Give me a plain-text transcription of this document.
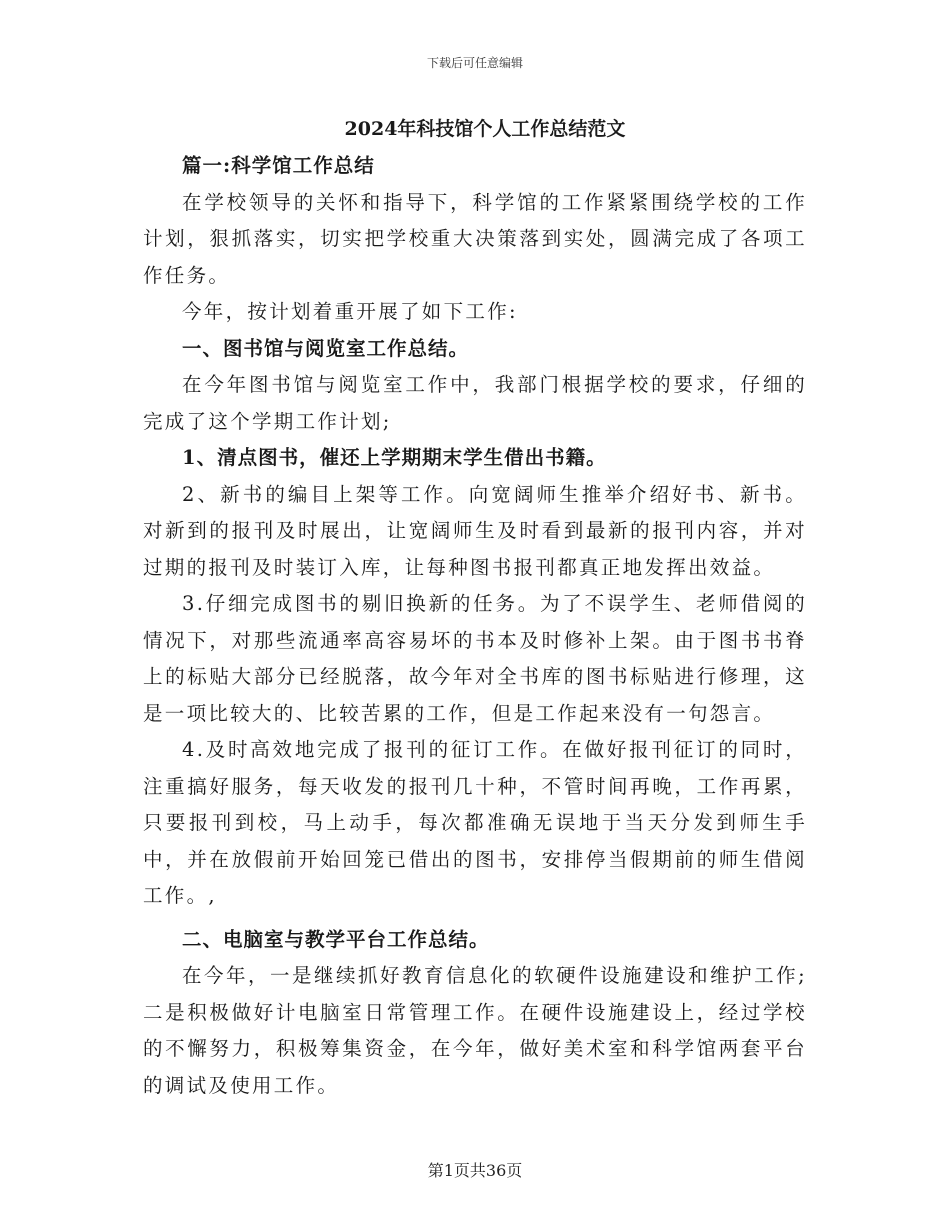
下载后可任意编辑
2024年科技馆个人工作总结范文

篇一:科学馆工作总结

在学校领导的关怀和指导下，科学馆的工作紧紧围绕学校的工作计划，狠抓落实，切实把学校重大决策落到实处，圆满完成了各项工作任务。

今年，按计划着重开展了如下工作:

一、图书馆与阅览室工作总结。

在今年图书馆与阅览室工作中，我部门根据学校的要求，仔细的完成了这个学期工作计划;

1、清点图书，催还上学期期末学生借出书籍。

2、新书的编目上架等工作。向宽阔师生推举介绍好书、新书。对新到的报刊及时展出，让宽阔师生及时看到最新的报刊内容，并对过期的报刊及时装订入库，让每种图书报刊都真正地发挥出效益。

3.仔细完成图书的剔旧换新的任务。为了不误学生、老师借阅的情况下，对那些流通率高容易坏的书本及时修补上架。由于图书书脊上的标贴大部分已经脱落，故今年对全书库的图书标贴进行修理，这是一项比较大的、比较苦累的工作，但是工作起来没有一句怨言。

4.及时高效地完成了报刊的征订工作。在做好报刊征订的同时，注重搞好服务，每天收发的报刊几十种，不管时间再晚，工作再累，只要报刊到校，马上动手，每次都准确无误地于当天分发到师生手中，并在放假前开始回笼已借出的图书，安排停当假期前的师生借阅工作。,

二、电脑室与教学平台工作总结。

在今年，一是继续抓好教育信息化的软硬件设施建设和维护工作;二是积极做好计电脑室日常管理工作。在硬件设施建设上，经过学校的不懈努力，积极筹集资金，在今年，做好美术室和科学馆两套平台的调试及使用工作。

第1页共36页
